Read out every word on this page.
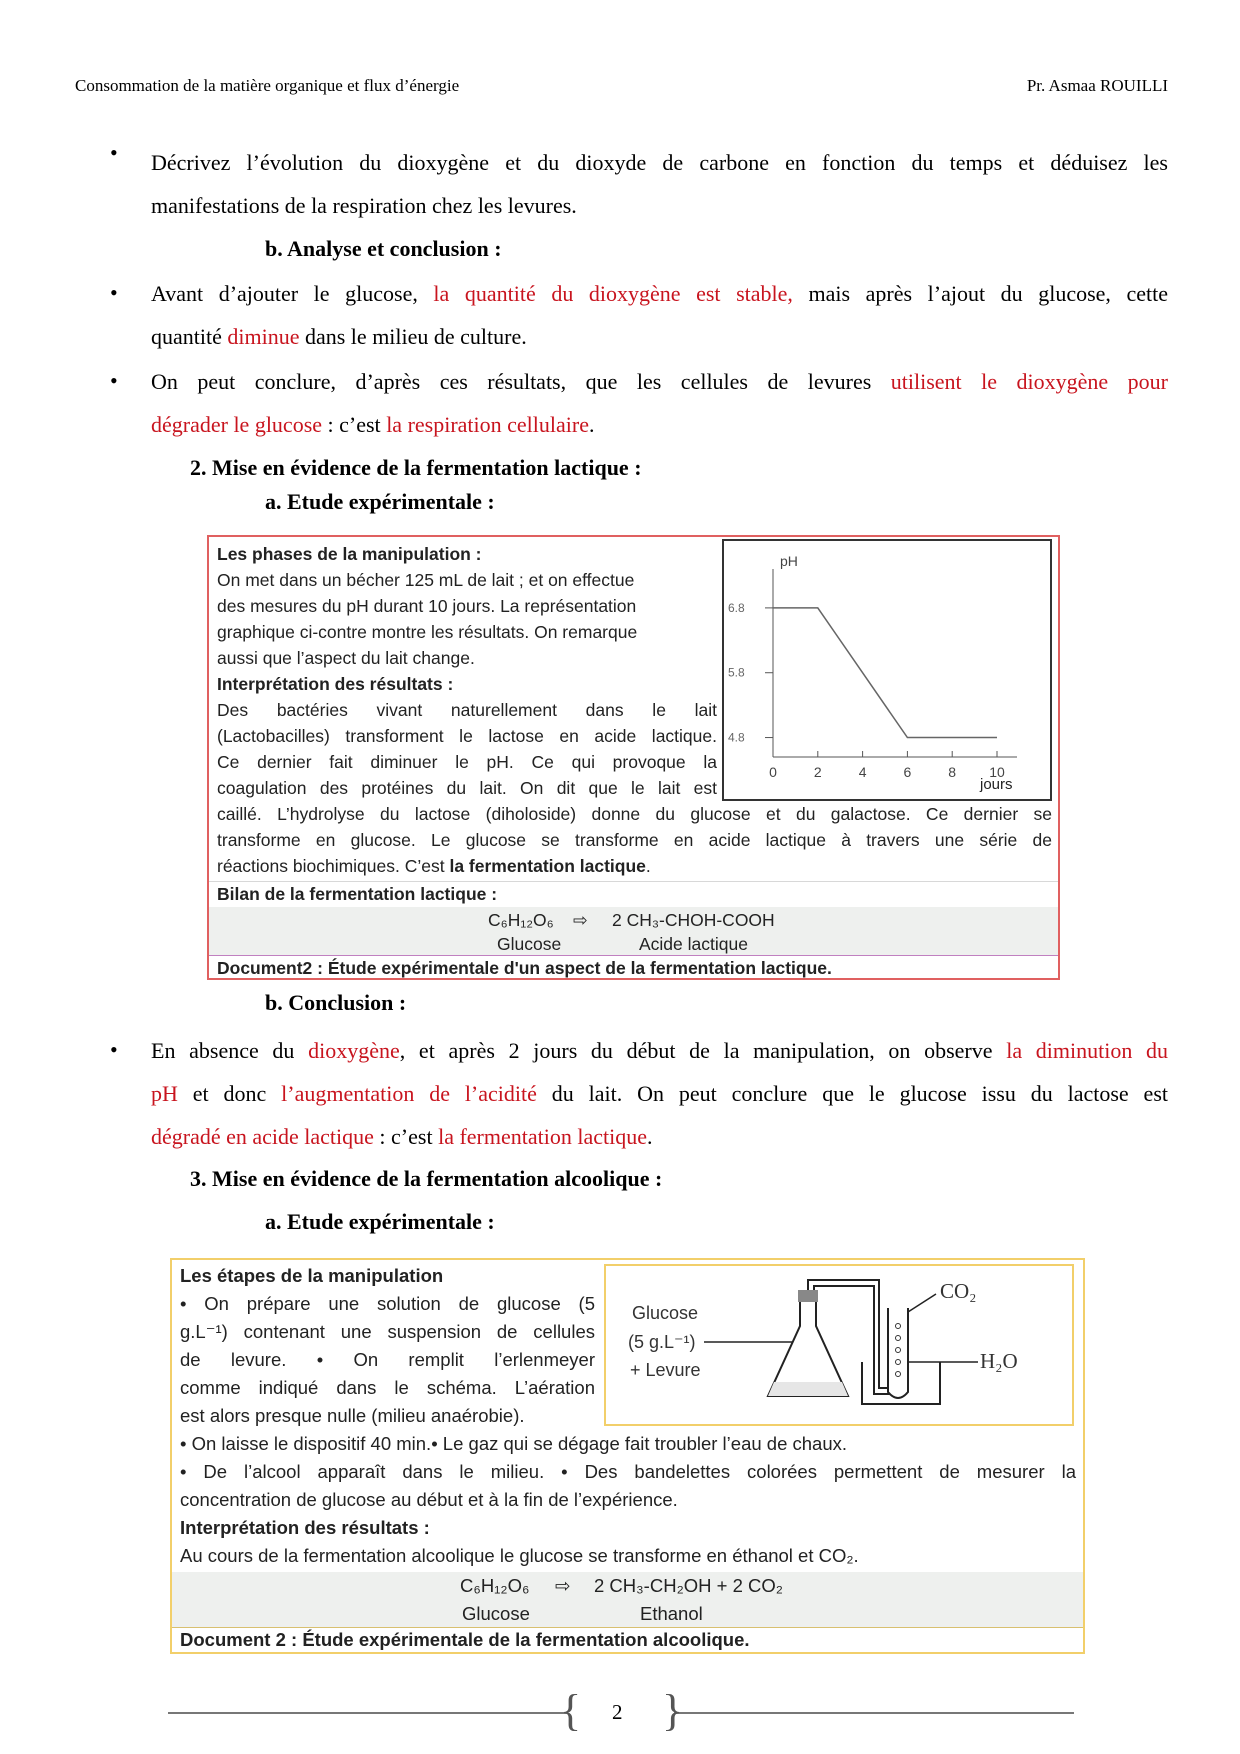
Consommation de la matière organique et flux d’énergie	Pr. Asmaa ROUILLI
• Décrivez l’évolution du dioxygène et du dioxyde de carbone en fonction du temps et déduisez les
manifestations de la respiration chez les levures.
b. Analyse et conclusion :
• Avant d’ajouter le glucose, la quantité du dioxygène est stable, mais après l’ajout du glucose, cette
quantité diminue dans le milieu de culture.
• On peut conclure, d’après ces résultats, que les cellules de levures utilisent le dioxygène pour
dégrader le glucose : c’est la respiration cellulaire.
2. Mise en évidence de la fermentation lactique :
a. Etude expérimentale :
Les phases de la manipulation :
On met dans un bécher 125 mL de lait ; et on effectue
des mesures du pH durant 10 jours. La représentation
graphique ci-contre montre les résultats. On remarque
aussi que l’aspect du lait change.
Interprétation des résultats :
Des bactéries vivant naturellement dans le lait
(Lactobacilles) transforment le lactose en acide lactique.
Ce dernier fait diminuer le pH. Ce qui provoque la
coagulation des protéines du lait. On dit que le lait est
caillé. L’hydrolyse du lactose (diholoside) donne du glucose et du galactose. Ce dernier se
transforme en glucose. Le glucose se transforme en acide lactique à travers une série de
réactions biochimiques. C’est la fermentation lactique.
Bilan de la fermentation lactique :
C₆H₁₂O₆ ⇨ 2 CH₃-CHOH-COOH
Glucose	Acide lactique
Document2 : Étude expérimentale d'un aspect de la fermentation lactique.
pH
jours
4.8
5.8
6.8
0	2	4	6	8 10
b. Conclusion :
• En absence du dioxygène, et après 2 jours du début de la manipulation, on observe la diminution du
pH et donc l’augmentation de l’acidité du lait. On peut conclure que le glucose issu du lactose est
dégradé en acide lactique : c’est la fermentation lactique.
3. Mise en évidence de la fermentation alcoolique :
a. Etude expérimentale :
Les étapes de la manipulation
• On prépare une solution de glucose (5
g.L⁻¹) contenant une suspension de cellules
de levure. • On remplit l’erlenmeyer
comme indiqué dans le schéma. L’aération
est alors presque nulle (milieu anaérobie).
• On laisse le dispositif 40 min.• Le gaz qui se dégage fait troubler l’eau de chaux.
• De l’alcool apparaît dans le milieu. • Des bandelettes colorées permettent de mesurer la
concentration de glucose au début et à la fin de l’expérience.
Interprétation des résultats :
Au cours de la fermentation alcoolique le glucose se transforme en éthanol et CO₂.
C₆H₁₂O₆ ⇨ 2 CH₃-CH₂OH + 2 CO₂
Glucose	Ethanol
Document 2 : Étude expérimentale de la fermentation alcoolique.
Glucose
(5 g.L⁻¹)
+ Levure
CO₂
H₂O
{ }
2
